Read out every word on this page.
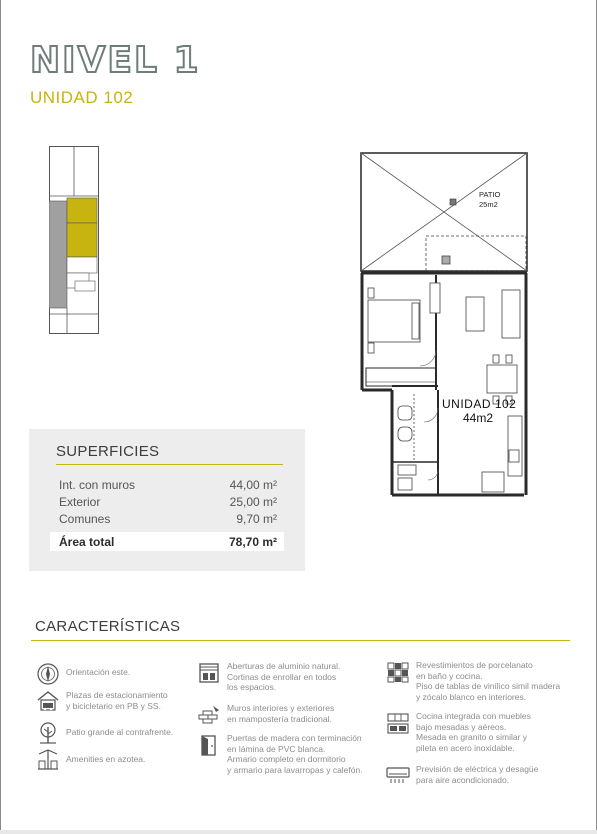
NIVEL 1
UNIDAD 102
PATIO
25m2
UNIDAD 102
44m2
SUPERFICIES
Int. con muros	44,00 m²
Exterior	25,00 m²
Comunes	9,70 m²
Área total	78,70 m²
CARACTERÍSTICAS
Orientación este.
Plazas de estacionamiento
y bicicletario en PB y SS.
Patio grande al contrafrente.
Amenities en azotea.
Aberturas de aluminio natural.
Cortinas de enrollar en todos
los espacios.
Muros interiores y exteriores
en mampostería tradicional.
Puertas de madera con terminación
en lámina de PVC blanca.
Armario completo en dormitorio
y armario para lavarropas y calefón.
Revestimientos de porcelanato
en baño y cocina.
Piso de tablas de vinílico simil madera
y zócalo blanco en interiores.
Cocina integrada con muebles
bajo mesadas y aéreos.
Mesada en granito o similar y
pileta en acero inoxidable.
Previsión de eléctrica y desagüe
para aire acondicionado.
